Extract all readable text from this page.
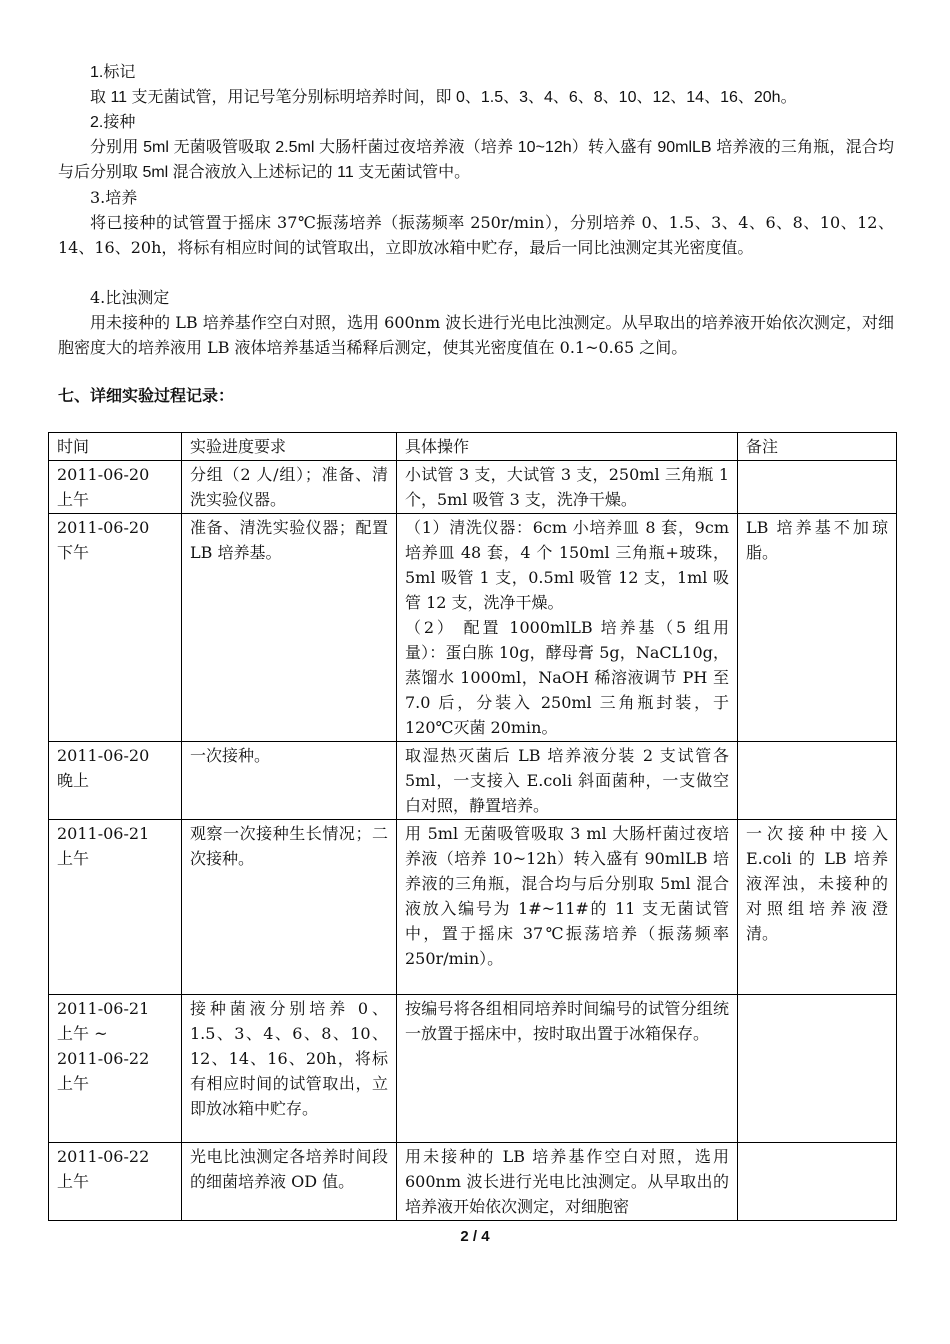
1.标记

取 11 支无菌试管，用记号笔分别标明培养时间，即 0、1.5、3、4、6、8、10、12、14、16、20h。

2.接种

分别用 5ml 无菌吸管吸取 2.5ml 大肠杆菌过夜培养液（培养 10~12h）转入盛有 90mlLB 培养液的三角瓶，混合均与后分别取 5ml 混合液放入上述标记的 11 支无菌试管中。

3.培养

将已接种的试管置于摇床 37℃振荡培养（振荡频率 250r/min），分别培养 0、1.5、3、4、6、8、10、12、14、16、20h，将标有相应时间的试管取出，立即放冰箱中贮存，最后一同比浊测定其光密度值。

4.比浊测定

用未接种的 LB 培养基作空白对照，选用 600nm 波长进行光电比浊测定。从早取出的培养液开始依次测定，对细胞密度大的培养液用 LB 液体培养基适当稀释后测定，使其光密度值在 0.1~0.65 之间。

七、详细实验过程记录：
时间	实验进度要求	具体操作	备注

2011-06-20
上午	分组（2 人/组）；准备、清洗实验仪器。	小试管 3 支，大试管 3 支，250ml 三角瓶 1 个，5ml 吸管 3 支，洗净干燥。	

2011-06-20
下午	准备、清洗实验仪器；配置 LB 培养基。	（1）清洗仪器：6cm 小培养皿 8 套，9cm 培养皿 48 套，4 个 150ml 三角瓶+玻珠，5ml 吸管 1 支，0.5ml 吸管 12 支，1ml 吸管 12 支，洗净干燥。
（2） 配置 1000mlLB 培养基（5 组用量）：蛋白胨 10g，酵母膏 5g，NaCL10g，蒸馏水 1000ml，NaOH 稀溶液调节 PH 至 7.0 后，分装入 250ml 三角瓶封装，于 120℃灭菌 20min。	LB 培养基不加琼脂。

2011-06-20
晚上	一次接种。	取湿热灭菌后 LB 培养液分装 2 支试管各 5ml，一支接入 E.coli 斜面菌种，一支做空白对照，静置培养。	

2011-06-21
上午	观察一次接种生长情况；二次接种。	用 5ml 无菌吸管吸取 3 ml 大肠杆菌过夜培养液（培养 10~12h）转入盛有 90mlLB 培养液的三角瓶，混合均与后分别取 5ml 混合液放入编号为 1#~11#的 11 支无菌试管中，置于摇床 37℃振荡培养（振荡频率 250r/min）。	一次接种中接入 E.coli 的 LB 培养液浑浊，未接种的对照组培养液澄清。

2011-06-21
上午 ~
2011-06-22
上午	接种菌液分别培养 0、1.5、3、4、6、8、10、12、14、16、20h，将标有相应时间的试管取出，立即放冰箱中贮存。	按编号将各组相同培养时间编号的试管分组统一放置于摇床中，按时取出置于冰箱保存。	

2011-06-22
上午	光电比浊测定各培养时间段的细菌培养液 OD 值。	用未接种的 LB 培养基作空白对照，选用 600nm 波长进行光电比浊测定。从早取出的培养液开始依次测定，对细胞密	

2 / 4
